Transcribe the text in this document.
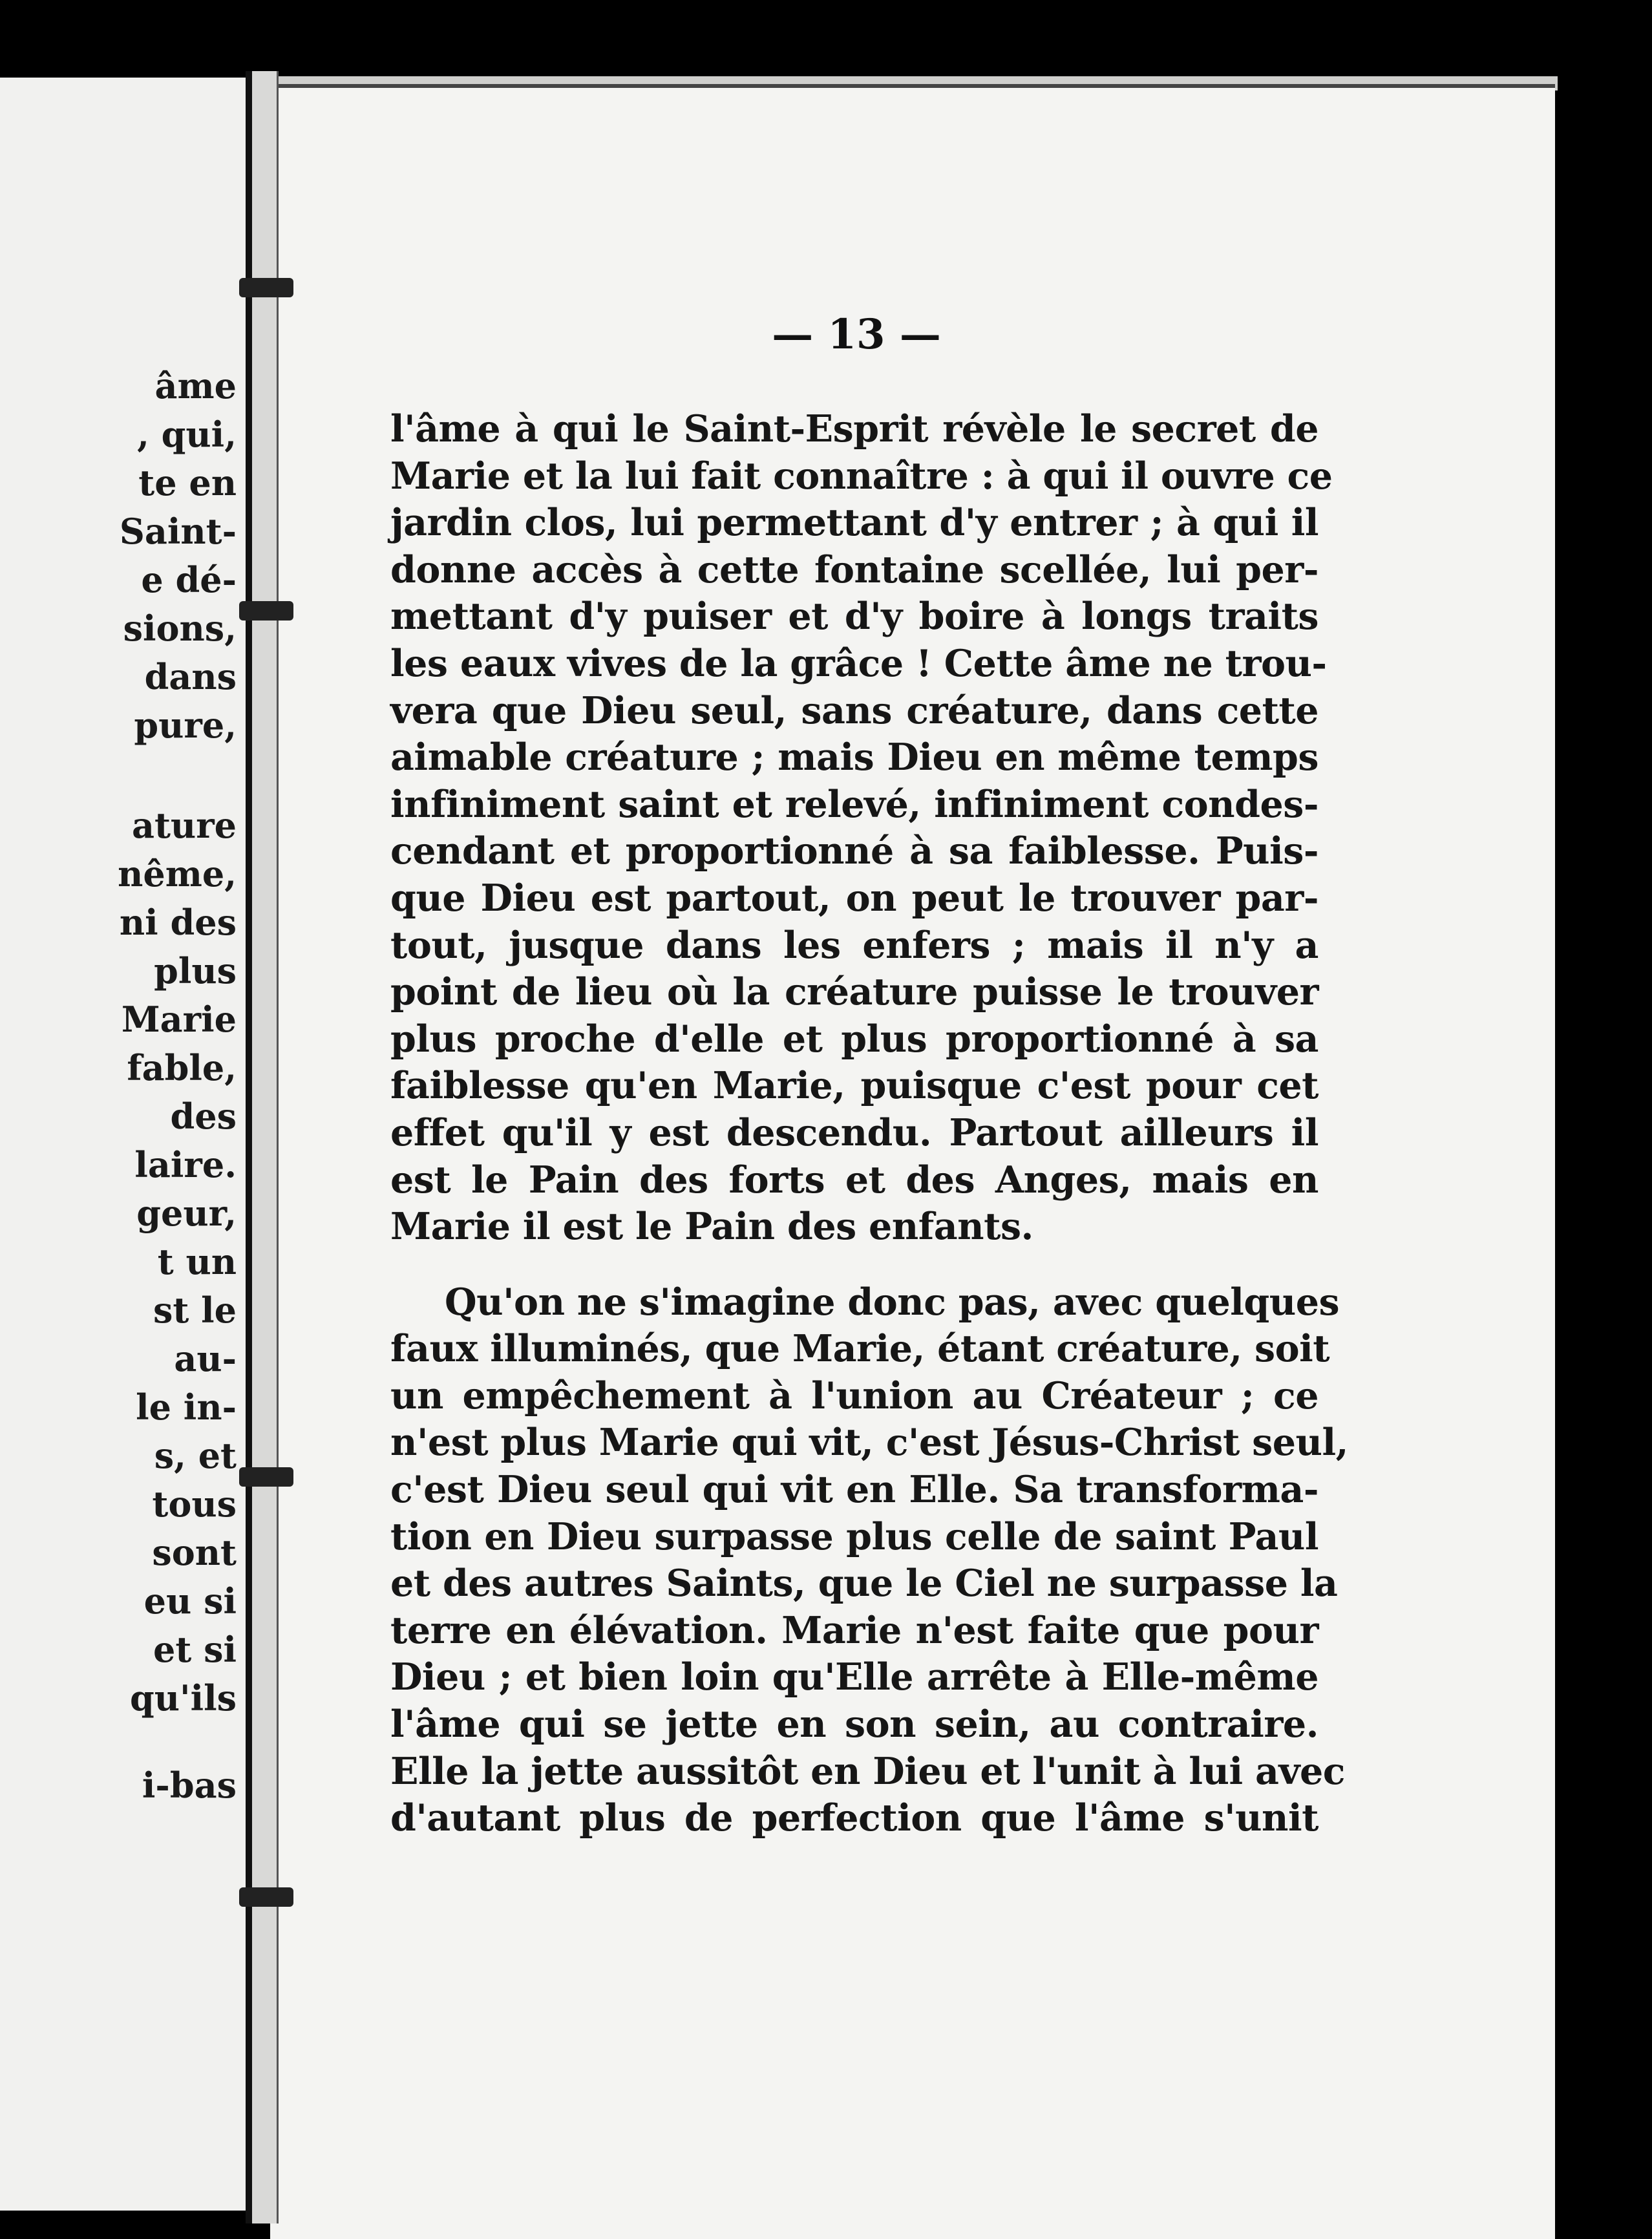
âme
, qui,
te en
Saint-
e dé-
sions,
dans
pure,
ature
nême,
ni des
plus
Marie
fable,
des
laire.
geur,
t un
st le
au-
le in-
s, et
tous
sont
eu si
et si
qu'ils
i-bas
— 13 —
l'âme à qui le Saint-Esprit révèle le secret de
Marie et la lui fait connaître : à qui il ouvre ce
jardin clos, lui permettant d'y entrer ; à qui il
donne accès à cette fontaine scellée, lui per-
mettant d'y puiser et d'y boire à longs traits
les eaux vives de la grâce ! Cette âme ne trou-
vera que Dieu seul, sans créature, dans cette
aimable créature ; mais Dieu en même temps
infiniment saint et relevé, infiniment condes-
cendant et proportionné à sa faiblesse. Puis-
que Dieu est partout, on peut le trouver par-
tout, jusque dans les enfers ; mais il n'y a
point de lieu où la créature puisse le trouver
plus proche d'elle et plus proportionné à sa
faiblesse qu'en Marie, puisque c'est pour cet
effet qu'il y est descendu. Partout ailleurs il
est le Pain des forts et des Anges, mais en
Marie il est le Pain des enfants.
Qu'on ne s'imagine donc pas, avec quelques
faux illuminés, que Marie, étant créature, soit
un empêchement à l'union au Créateur ; ce
n'est plus Marie qui vit, c'est Jésus-Christ seul,
c'est Dieu seul qui vit en Elle. Sa transforma-
tion en Dieu surpasse plus celle de saint Paul
et des autres Saints, que le Ciel ne surpasse la
terre en élévation. Marie n'est faite que pour
Dieu ; et bien loin qu'Elle arrête à Elle-même
l'âme qui se jette en son sein, au contraire.
Elle la jette aussitôt en Dieu et l'unit à lui avec
d'autant plus de perfection que l'âme s'unit
